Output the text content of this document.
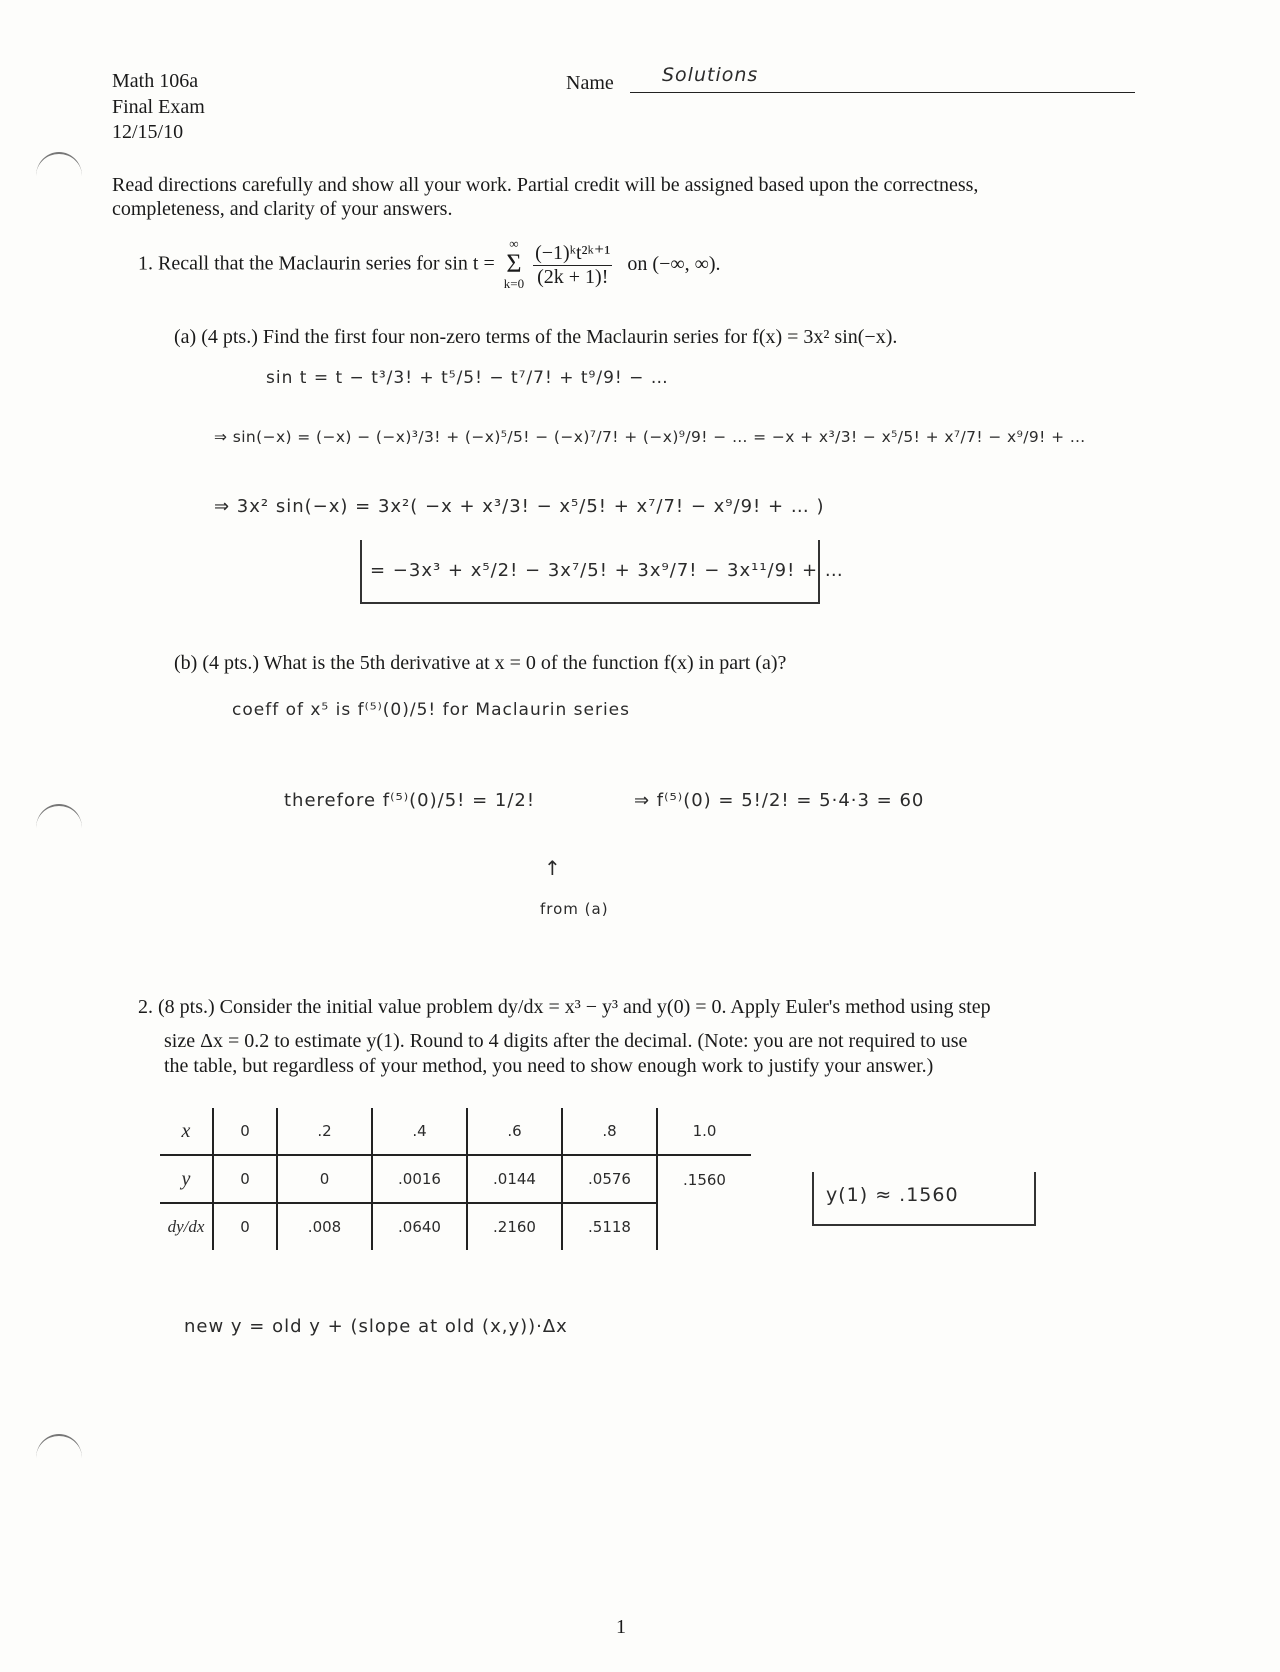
Math 106a
Final Exam
12/15/10
Name	Solutions
Read directions carefully and show all your work. Partial credit will be assigned based upon the correctness,
completeness, and clarity of your answers.
1. Recall that the Maclaurin series for sin t =
∞
Σ
k=0
$\frac{\text{(−1)ᵏt²ᵏ⁺¹}}{(2k + 1)!}$ on (−∞, ∞).
(a) (4 pts.) Find the first four non-zero terms of the Maclaurin series for f(x) = 3x² sin(−x).
sin t = t − t³/3! + t⁵/5! − t⁷/7! + t⁹/9! − …
⇒ sin(−x) = (−x) − (−x)³/3! + (−x)⁵/5! − (−x)⁷/7! + (−x)⁹/9! − … = −x + x³/3! − x⁵/5! + x⁷/7! − x⁹/9! + …
⇒ 3x² sin(−x) = 3x²( −x + x³/3! − x⁵/5! + x⁷/7! − x⁹/9! + … )
= −3x³ + x⁵/2! − 3x⁷/5! + 3x⁹/7! − 3x¹¹/9! + …
(b) (4 pts.) What is the 5th derivative at x = 0 of the function f(x) in part (a)?
coeff of x⁵ is f⁽⁵⁾(0)/5! for Maclaurin series
therefore f⁽⁵⁾(0)/5! = 1/2!	⇒ f⁽⁵⁾(0) = 5!/2! = 5·4·3 = 60
↑
from (a)
2. (8 pts.) Consider the initial value problem dy/dx = x³ − y³ and y(0) = 0. Apply Euler's method using step
size Δx = 0.2 to estimate y(1). Round to 4 digits after the decimal. (Note: you are not required to use
the table, but regardless of your method, you need to show enough work to justify your answer.)
x	0	.2	.4	.6	.8	1.0
y	0	0	.0016	.0144	.0576	.1560
dy/dx	0	.008	.0640	.2160	.5118	
y(1) ≈ .1560
new y = old y + (slope at old (x,y))·Δx
1
